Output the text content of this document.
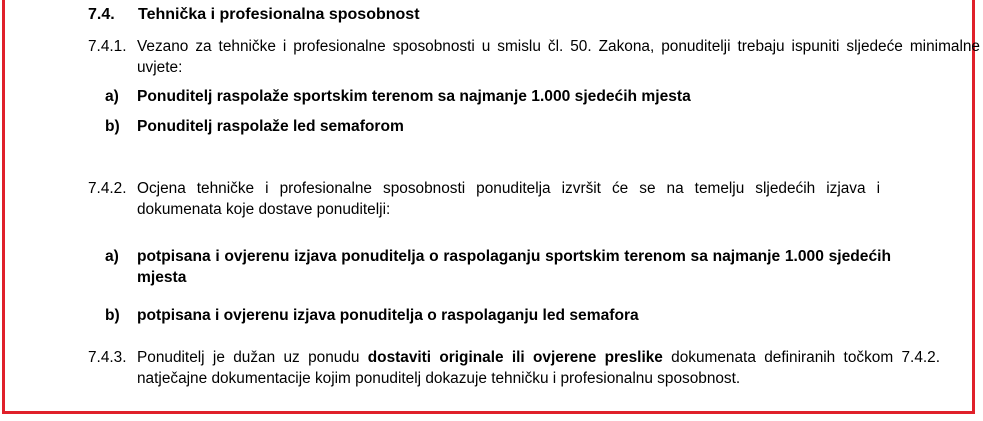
7.4. Tehnička i profesionalna sposobnost
7.4.1. Vezano za tehničke i profesionalne sposobnosti u smislu čl. 50. Zakona, ponuditelji trebaju ispuniti sljedeće minimalne uvjete:
a) Ponuditelj raspolaže sportskim terenom sa najmanje 1.000 sjedećih mjesta
b) Ponuditelj raspolaže led semaforom
7.4.2. Ocjena tehničke i profesionalne sposobnosti ponuditelja izvršit će se na temelju sljedećih izjava i dokumenata koje dostave ponuditelji:
a) potpisana i ovjerenu izjava ponuditelja o raspolaganju sportskim terenom sa najmanje 1.000 sjedećih mjesta
b) potpisana i ovjerenu izjava ponuditelja o raspolaganju led semafora
7.4.3. Ponuditelj je dužan uz ponudu dostaviti originale ili ovjerene preslike dokumenata definiranih točkom 7.4.2. natječajne dokumentacije kojim ponuditelj dokazuje tehničku i profesionalnu sposobnost.
